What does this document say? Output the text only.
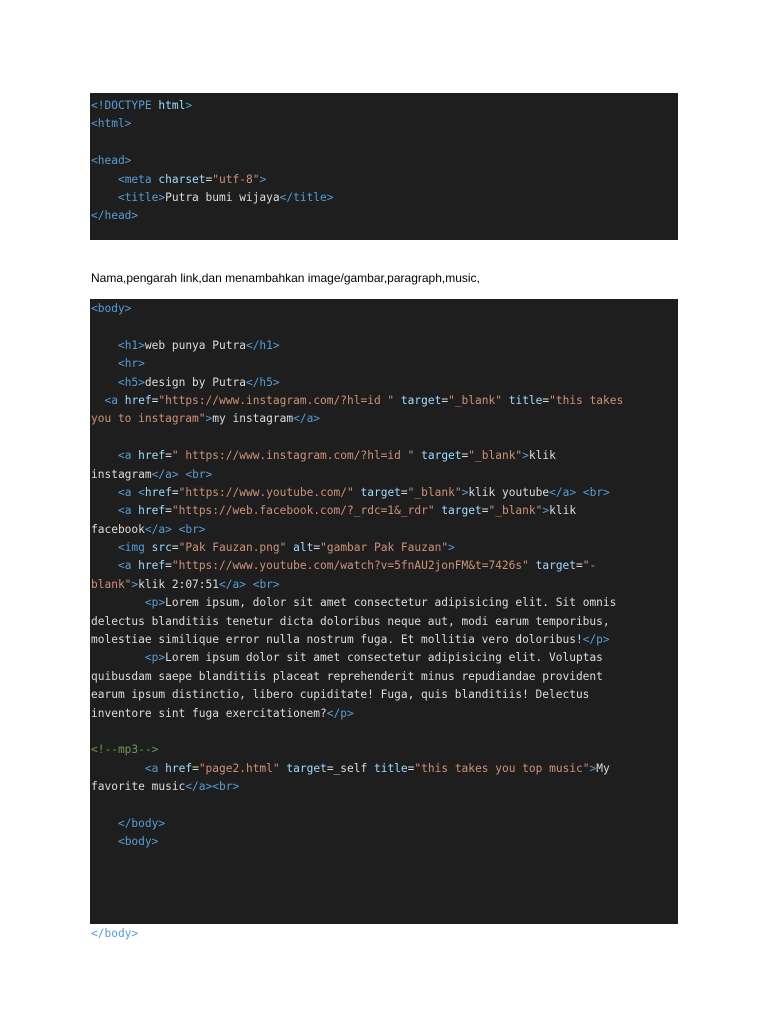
<!DOCTYPE html>
<html>
<head>
<meta charset="utf-8">
<title>Putra bumi wijaya</title>
</head>
Nama,pengarah link,dan menambahkan image/gambar,paragraph,music,
<body>
<h1>web punya Putra</h1>
<hr>
<h5>design by Putra</h5>
<a href="https://www.instagram.com/?hl=id " target="_blank" title="this takes
you to instagram">my instagram</a>
<a href=" https://www.instagram.com/?hl=id " target="_blank">klik
instagram</a> <br>
<a <href="https://www.youtube.com/" target="_blank">klik youtube</a> <br>
<a href="https://web.facebook.com/?_rdc=1&_rdr" target="_blank">klik
facebook</a> <br>
<img src="Pak Fauzan.png" alt="gambar Pak Fauzan">
<a href="https://www.youtube.com/watch?v=5fnAU2jonFM&t=7426s" target="-
blank">klik 2:07:51</a> <br>
<p>Lorem ipsum, dolor sit amet consectetur adipisicing elit. Sit omnis
delectus blanditiis tenetur dicta doloribus neque aut, modi earum temporibus,
molestiae similique error nulla nostrum fuga. Et mollitia vero doloribus!</p>
<p>Lorem ipsum dolor sit amet consectetur adipisicing elit. Voluptas
quibusdam saepe blanditiis placeat reprehenderit minus repudiandae provident
earum ipsum distinctio, libero cupiditate! Fuga, quis blanditiis! Delectus
inventore sint fuga exercitationem?</p>
<!--mp3-->
<a href="page2.html" target=_self title="this takes you top music">My
favorite music</a><br>
</body>
<body>
</body>
